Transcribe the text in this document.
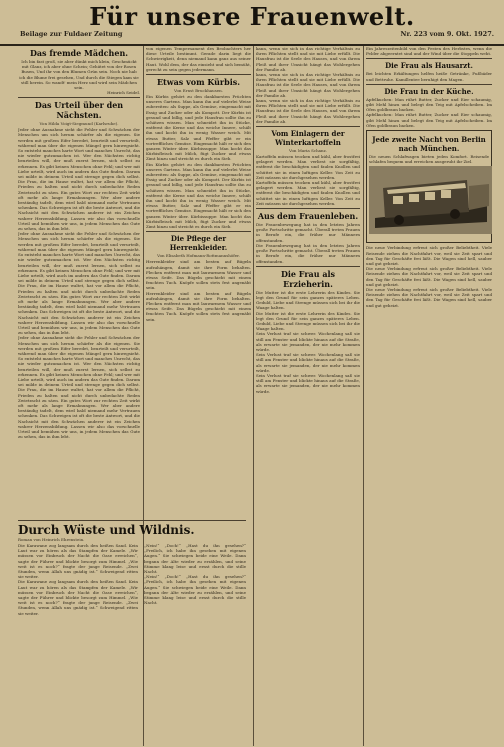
Beilage zur Fuldaer Zeitung
Für unsere Frauenwelt.
Nr. 223 vom 9. Okt. 1927.
Das fremde Mädchen.
Ich bin fast groß, sie aber dünkt mich klein, Geschmückt mit Glanz, ich aber ohne Schein; Gehütet von der Rosen Busen, Und ihr von den Blumen Grün sein. Noch nie hab ich die Blume frei gesehen, Und durch die Stiegen kam sie still herein. So wandt' mein Herz und wird sein Mädchen sein.
Heinrich Seidel.
Das Urteil über den Nächsten.
Von Hilda Voigt-Siegmund (Karlsruhe).
Jeder ohne Ausnahme sieht die Fehler und Schwächen der Menschen um sich herum schärfer als die eigenen. Sie werden mit großem Eifer beredet, beurteilt und verurteilt, während man über die eigenen Mängel gern hinwegsieht. So entsteht manches harte Wort und manches Unrecht, das nie wieder gutzumachen ist. Wer den Nächsten richtig beurteilen will, der muß zuerst lernen, sich selbst zu erkennen. Es gibt keinen Menschen ohne Fehl; und wer mit Liebe urteilt, wird auch im andern das Gute finden. Darum sei milde in deinem Urteil und strenge gegen dich selbst. Die Frau, die im Hause waltet, hat vor allem die Pflicht, Frieden zu halten und nicht durch unbedachte Reden Zwietracht zu säen. Ein gutes Wort zur rechten Zeit wirkt oft mehr als lange Ermahnungen. Wer aber andere beständig tadelt, dem wird bald niemand mehr Vertrauen schenken. Das Schweigen ist oft die beste Antwort, und die Nachsicht mit den Schwächen anderer ist ein Zeichen wahrer Herzensbildung. Lassen wir also das vorschnelle Urteil und bemühen wir uns, in jedem Menschen das Gute zu sehen, das in ihm lebt.
Jeder ohne Ausnahme sieht die Fehler und Schwächen der Menschen um sich herum schärfer als die eigenen. Sie werden mit großem Eifer beredet, beurteilt und verurteilt, während man über die eigenen Mängel gern hinwegsieht. So entsteht manches harte Wort und manches Unrecht, das nie wieder gutzumachen ist. Wer den Nächsten richtig beurteilen will, der muß zuerst lernen, sich selbst zu erkennen. Es gibt keinen Menschen ohne Fehl; und wer mit Liebe urteilt, wird auch im andern das Gute finden. Darum sei milde in deinem Urteil und strenge gegen dich selbst. Die Frau, die im Hause waltet, hat vor allem die Pflicht, Frieden zu halten und nicht durch unbedachte Reden Zwietracht zu säen. Ein gutes Wort zur rechten Zeit wirkt oft mehr als lange Ermahnungen. Wer aber andere beständig tadelt, dem wird bald niemand mehr Vertrauen schenken. Das Schweigen ist oft die beste Antwort, und die Nachsicht mit den Schwächen anderer ist ein Zeichen wahrer Herzensbildung. Lassen wir also das vorschnelle Urteil und bemühen wir uns, in jedem Menschen das Gute zu sehen, das in ihm lebt.
Jeder ohne Ausnahme sieht die Fehler und Schwächen der Menschen um sich herum schärfer als die eigenen. Sie werden mit großem Eifer beredet, beurteilt und verurteilt, während man über die eigenen Mängel gern hinwegsieht. So entsteht manches harte Wort und manches Unrecht, das nie wieder gutzumachen ist. Wer den Nächsten richtig beurteilen will, der muß zuerst lernen, sich selbst zu erkennen. Es gibt keinen Menschen ohne Fehl; und wer mit Liebe urteilt, wird auch im andern das Gute finden. Darum sei milde in deinem Urteil und strenge gegen dich selbst. Die Frau, die im Hause waltet, hat vor allem die Pflicht, Frieden zu halten und nicht durch unbedachte Reden Zwietracht zu säen. Ein gutes Wort zur rechten Zeit wirkt oft mehr als lange Ermahnungen. Wer aber andere beständig tadelt, dem wird bald niemand mehr Vertrauen schenken. Das Schweigen ist oft die beste Antwort, und die Nachsicht mit den Schwächen anderer ist ein Zeichen wahrer Herzensbildung. Lassen wir also das vorschnelle Urteil und bemühen wir uns, in jedem Menschen das Gute zu sehen, das in ihm lebt.
von eigenen Tempernament des Beobachters her diese Urteile bestimmt. Gerade darin liegt die Schwierigkeit, denn niemand kann ganz aus seiner Haut. Wohl dem, der das einsieht und sich bemüht, gerecht zu sein gegen jedermann.
Etwas vom Kürbis.
Von Ernst Bruckhausen.
Ein Kürbis gehört zu den dankbarsten Früchten unseres Gartens. Man kann ihn auf vielerlei Weise zubereiten: als Suppe, als Gemüse, eingemacht mit Essig und Zucker oder als Kompott. Der Kürbis ist gesund und billig, und jede Hausfrau sollte ihn zu schätzen wissen. Man schneidet ihn in Stücke, entfernt die Kerne und das weiche Innere, schält ihn und kocht ihn in wenig Wasser weich. Mit etwas Butter, Salz und Pfeffer gibt er ein vortreffliches Gemüse. Eingemacht hält er sich den ganzen Winter über. Kürbissuppe: Man kocht das Kürbisfleisch mit Milch, fügt Zucker und etwas Zimt hinzu und streicht es durch ein Sieb.
Ein Kürbis gehört zu den dankbarsten Früchten unseres Gartens. Man kann ihn auf vielerlei Weise zubereiten: als Suppe, als Gemüse, eingemacht mit Essig und Zucker oder als Kompott. Der Kürbis ist gesund und billig, und jede Hausfrau sollte ihn zu schätzen wissen. Man schneidet ihn in Stücke, entfernt die Kerne und das weiche Innere, schält ihn und kocht ihn in wenig Wasser weich. Mit etwas Butter, Salz und Pfeffer gibt er ein vortreffliches Gemüse. Eingemacht hält er sich den ganzen Winter über. Kürbissuppe: Man kocht das Kürbisfleisch mit Milch, fügt Zucker und etwas Zimt hinzu und streicht es durch ein Sieb.
Die Pflege der Herrenkleider.
Von Elisabeth Hofmann-Rottmannshöfer.
Herrenkleider sind am besten auf Bügeln aufzuhängen, damit sie ihre Form behalten. Flecken entfernt man mit lauwarmem Wasser und etwas Seife. Das Bügeln geschieht mit einem feuchten Tuch. Knöpfe sollen stets fest angenäht sein.
Herrenkleider sind am besten auf Bügeln aufzuhängen, damit sie ihre Form behalten. Flecken entfernt man mit lauwarmem Wasser und etwas Seife. Das Bügeln geschieht mit einem feuchten Tuch. Knöpfe sollen stets fest angenäht sein.
kann, wenn sie sich in das richtige Verhältnis zu ihren Pflichten stellt und sie mit Liebe erfüllt. Die Hausfrau ist die Seele des Hauses, und von ihrem Fleiß und ihrer Umsicht hängt das Wohlergehen der Familie ab.
kann, wenn sie sich in das richtige Verhältnis zu ihren Pflichten stellt und sie mit Liebe erfüllt. Die Hausfrau ist die Seele des Hauses, und von ihrem Fleiß und ihrer Umsicht hängt das Wohlergehen der Familie ab.
kann, wenn sie sich in das richtige Verhältnis zu ihren Pflichten stellt und sie mit Liebe erfüllt. Die Hausfrau ist die Seele des Hauses, und von ihrem Fleiß und ihrer Umsicht hängt das Wohlergehen der Familie ab.
Vom Einlagern der Winterkartoffeln
Von Maria Schanz.
Kartoffeln müssen trocken und kühl, aber frostfrei gelagert werden. Man verliest sie sorgfältig, entfernt die beschädigten und faulen Knollen und schüttet sie in einen luftigen Keller. Von Zeit zu Zeit müssen sie durchgesehen werden.
Kartoffeln müssen trocken und kühl, aber frostfrei gelagert werden. Man verliest sie sorgfältig, entfernt die beschädigten und faulen Knollen und schüttet sie in einen luftigen Keller. Von Zeit zu Zeit müssen sie durchgesehen werden.
Aus dem Frauenleben.
Die Frauenbewegung hat in den letzten Jahren große Fortschritte gemacht. Überall treten Frauen in Berufe ein, die früher nur Männern offenstanden.
Die Frauenbewegung hat in den letzten Jahren große Fortschritte gemacht. Überall treten Frauen in Berufe ein, die früher nur Männern offenstanden.
Die Frau als Erzieherin.
Die Mutter ist die erste Lehrerin des Kindes. Sie legt den Grund für sein ganzes späteres Leben. Geduld, Liebe und Strenge müssen sich bei ihr die Waage halten.
Die Mutter ist die erste Lehrerin des Kindes. Sie legt den Grund für sein ganzes späteres Leben. Geduld, Liebe und Strenge müssen sich bei ihr die Waage halten.
Sein Verlust traf sie schwer. Wochenlang saß sie still am Fenster und blickte hinaus auf die Straße, als erwarte sie jemanden, der nie mehr kommen würde.
Sein Verlust traf sie schwer. Wochenlang saß sie still am Fenster und blickte hinaus auf die Straße, als erwarte sie jemanden, der nie mehr kommen würde.
Sein Verlust traf sie schwer. Wochenlang saß sie still am Fenster und blickte hinaus auf die Straße, als erwarte sie jemanden, der nie mehr kommen würde.
Ein Jahreszeitenbild von den Festen des Herbstes, wenn die Felder abgeerntet sind und der Wind über die Stoppeln weht.
Die Frau als Hausarzt.
Bei leichten Erkältungen helfen heiße Getränke, Fußbäder und Bettruhe. Kamillentee beruhigt den Magen.
Die Frau in der Küche.
Apfelkuchen: Man rührt Butter, Zucker und Eier schaumig, gibt Mehl hinzu und belegt den Teig mit Apfelscheiben. Im Ofen goldbraun backen.
Apfelkuchen: Man rührt Butter, Zucker und Eier schaumig, gibt Mehl hinzu und belegt den Teig mit Apfelscheiben. Im Ofen goldbraun backen.
Jede zweite Nacht von Berlin nach München.
Die neuen Schlafwagen bieten jeden Komfort. Reisende schlafen bequem und erreichen ausgeruht ihr Ziel.
Die neue Verbindung erfreut sich großer Beliebtheit. Viele Reisende ziehen die Nachtfahrt vor, weil sie Zeit spart und den Tag für Geschäfte frei läßt. Die Wagen sind hell, sauber und gut geheizt.
Die neue Verbindung erfreut sich großer Beliebtheit. Viele Reisende ziehen die Nachtfahrt vor, weil sie Zeit spart und den Tag für Geschäfte frei läßt. Die Wagen sind hell, sauber und gut geheizt.
Die neue Verbindung erfreut sich großer Beliebtheit. Viele Reisende ziehen die Nachtfahrt vor, weil sie Zeit spart und den Tag für Geschäfte frei läßt. Die Wagen sind hell, sauber und gut geheizt.
Durch Wüste und Wildnis.
Roman von Heinrich Ehrenstein.
Die Karawane zog langsam durch den heißen Sand. Kein Laut war zu hören als das Stampfen der Kamele. „Wir müssen vor Einbruch der Nacht die Oase erreichen“, sagte der Führer und blickte besorgt zum Himmel. „Wie weit ist es noch?“ fragte der junge Reisende. „Zwei Stunden, wenn Allah uns gnädig ist.“ Schweigend ritten sie weiter.
Die Karawane zog langsam durch den heißen Sand. Kein Laut war zu hören als das Stampfen der Kamele. „Wir müssen vor Einbruch der Nacht die Oase erreichen“, sagte der Führer und blickte besorgt zum Himmel. „Wie weit ist es noch?“ fragte der junge Reisende. „Zwei Stunden, wenn Allah uns gnädig ist.“ Schweigend ritten sie weiter.
„Nein!“ „Doch!“ „Hast du ihn gesehen?“ „Freilich, ich habe ihn gesehen mit eigenen Augen.“ Sie schwiegen beide eine Weile. Dann begann der Alte wieder zu erzählen, und seine Stimme klang leise und ernst durch die stille Nacht.
„Nein!“ „Doch!“ „Hast du ihn gesehen?“ „Freilich, ich habe ihn gesehen mit eigenen Augen.“ Sie schwiegen beide eine Weile. Dann begann der Alte wieder zu erzählen, und seine Stimme klang leise und ernst durch die stille Nacht.
